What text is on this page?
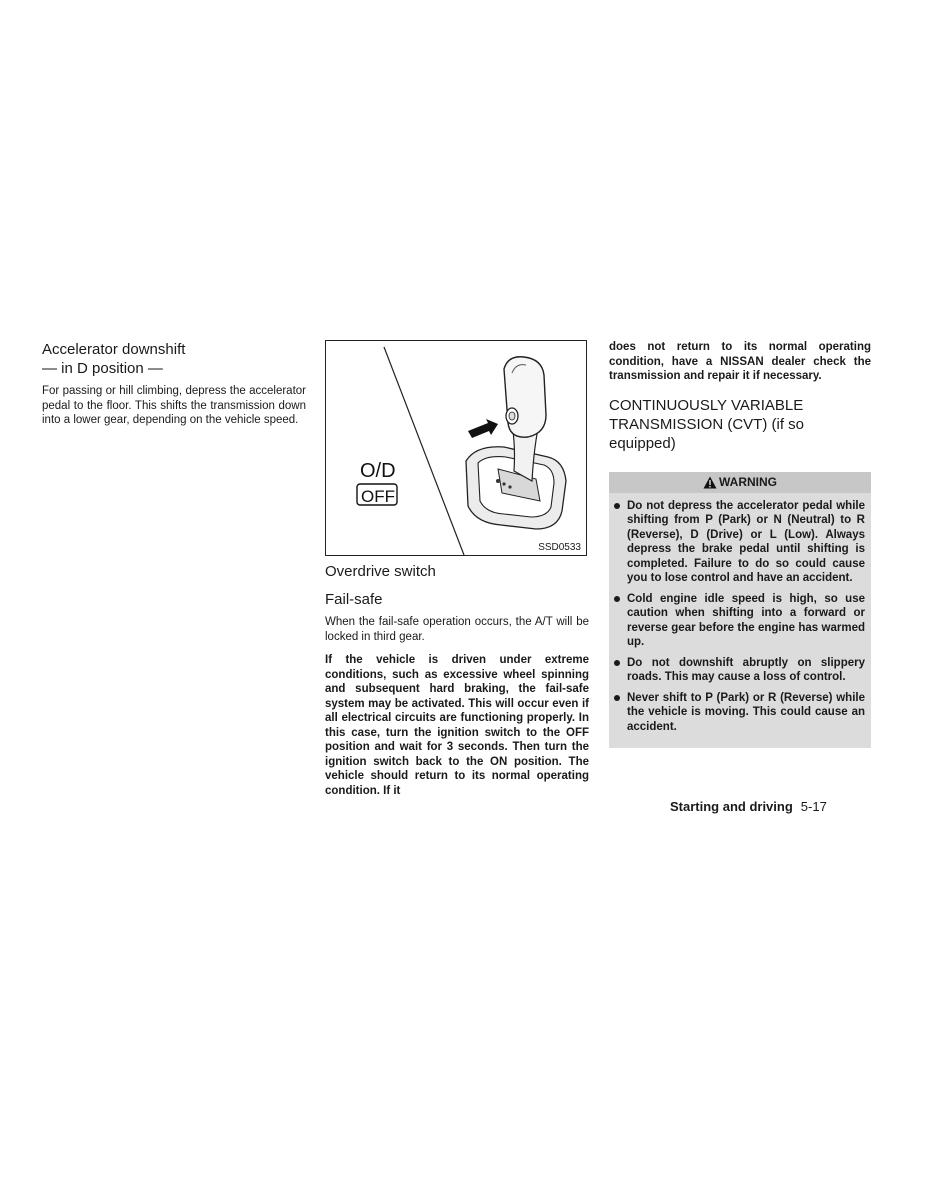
Accelerator downshift
— in D position —

For passing or hill climbing, depress the accelerator pedal to the floor. This shifts the transmission down into a lower gear, depending on the vehicle speed.

O/D
OFF
SSD0533

Overdrive switch

Fail-safe

When the fail-safe operation occurs, the A/T will be locked in third gear.

If the vehicle is driven under extreme conditions, such as excessive wheel spinning and subsequent hard braking, the fail-safe system may be activated. This will occur even if all electrical circuits are functioning properly. In this case, turn the ignition switch to the OFF position and wait for 3 seconds. Then turn the ignition switch back to the ON position. The vehicle should return to its normal operating condition. If it

does not return to its normal operating condition, have a NISSAN dealer check the transmission and repair it if necessary.

CONTINUOUSLY VARIABLE TRANSMISSION (CVT) (if so equipped)

WARNING
Do not depress the accelerator pedal while shifting from P (Park) or N (Neutral) to R (Reverse), D (Drive) or L (Low). Always depress the brake pedal until shifting is completed. Failure to do so could cause you to lose control and have an accident.
Cold engine idle speed is high, so use caution when shifting into a forward or reverse gear before the engine has warmed up.
Do not downshift abruptly on slippery roads. This may cause a loss of control.
Never shift to P (Park) or R (Reverse) while the vehicle is moving. This could cause an accident.
Starting and driving 5-17
